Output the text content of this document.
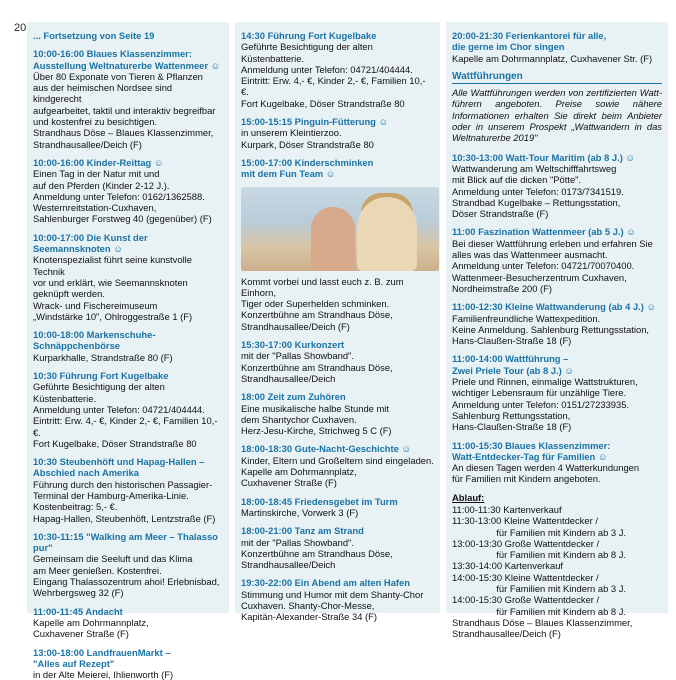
20
... Fortsetzung von Seite 19
10:00-16:00 Blaues Klassenzimmer:
Ausstellung Weltnaturerbe Wattenmeer ☺
Über 80 Exponate von Tieren & Pflanzen
aus der heimischen Nordsee sind kindgerecht
aufgearbeitet, taktil und interaktiv begreifbar
und kostenfrei zu besichtigen.
Strandhaus Döse – Blaues Klassenzimmer,
Strandhausallee/Deich (F)
10:00-16:00 Kinder-Reittag ☺
Einen Tag in der Natur mit und
auf den Pferden (Kinder 2-12 J.).
Anmeldung unter Telefon: 0162/1362588.
Westernreitstation-Cuxhaven,
Sahlenburger Forstweg 40 (gegenüber) (F)
10:00-17:00 Die Kunst der Seemannsknoten ☺
Knotenspezialist führt seine kunstvolle Technik
vor und erklärt, wie Seemannsknoten
geknüpft werden.
Wrack- und Fischereimuseum
„Windstärke 10", Ohlroggestraße 1 (F)
10:00-18:00 Markenschuhe-Schnäppchenbörse
Kurparkhalle, Strandstraße 80 (F)
10:30 Führung Fort Kugelbake
Geführte Besichtigung der alten Küstenbatterie.
Anmeldung unter Telefon: 04721/404444.
Eintritt: Erw. 4,- €, Kinder 2,- €, Familien 10,- €.
Fort Kugelbake, Döser Strandstraße 80
10:30 Steubenhöft und Hapag-Hallen –
Abschied nach Amerika
Führung durch den historischen Passagier-
Terminal der Hamburg-Amerika-Linie.
Kostenbeitrag: 5,- €.
Hapag-Hallen, Steubenhöft, Lentzstraße (F)
10:30-11:15 "Walking am Meer – Thalasso pur"
Gemeinsam die Seeluft und das Klima
am Meer genießen. Kostenfrei.
Eingang Thalassozentrum ahoi! Erlebnisbad,
Wehrbergsweg 32 (F)
11:00-11:45 Andacht
Kapelle am Dohrmannplatz,
Cuxhavener Straße (F)
13:00-18:00 LandfrauenMarkt –
"Alles auf Rezept"
in der Alte Meierei, Ihlienworth (F)
14:30 Führung Fort Kugelbake
Geführte Besichtigung der alten Küstenbatterie.
Anmeldung unter Telefon: 04721/404444.
Eintritt: Erw. 4,- €, Kinder 2,- €, Familien 10,- €.
Fort Kugelbake, Döser Strandstraße 80
15:00-15:15 Pinguin-Fütterung ☺
in unserem Kleintierzoo.
Kurpark, Döser Strandstraße 80
15:00-17:00 Kinderschminken
mit dem Fun Team ☺
Kommt vorbei und lasst euch z. B. zum Einhorn,
Tiger oder Superhelden schminken.
Konzertbühne am Strandhaus Döse,
Strandhausallee/Deich (F)
15:30-17:00 Kurkonzert
mit der "Pallas Showband".
Konzertbühne am Strandhaus Döse,
Strandhausallee/Deich
18:00 Zeit zum Zuhören
Eine musikalische halbe Stunde mit
dem Shantychor Cuxhaven.
Herz-Jesu-Kirche, Strichweg 5 C (F)
18:00-18:30 Gute-Nacht-Geschichte ☺
Kinder, Eltern und Großeltern sind eingeladen.
Kapelle am Dohrmannplatz,
Cuxhavener Straße (F)
18:00-18:45 Friedensgebet im Turm
Martinskirche, Vorwerk 3 (F)
18:00-21:00 Tanz am Strand
mit der "Pallas Showband".
Konzertbühne am Strandhaus Döse,
Strandhausallee/Deich
19:30-22:00 Ein Abend am alten Hafen
Stimmung und Humor mit dem Shanty-Chor
Cuxhaven. Shanty-Chor-Messe,
Kapitän-Alexander-Straße 34 (F)
20:00-21:30 Ferienkantorei für alle,
die gerne im Chor singen
Kapelle am Dohrmannplatz, Cuxhavener Str. (F)
Wattführungen
Alle Wattführungen werden von zertifizierten Watt-führern angeboten. Preise sowie nähere Informationen erhalten Sie direkt beim Anbieter oder in unserem Prospekt „Wattwandern in das Weltnaturerbe 2019"
10:30-13:00 Watt-Tour Maritim (ab 8 J.) ☺
Wattwanderung am Weltschifffahrtsweg
mit Blick auf die dicken "Pötte".
Anmeldung unter Telefon: 0173/7341519.
Strandbad Kugelbake – Rettungsstation,
Döser Strandstraße (F)
11:00 Faszination Wattenmeer (ab 5 J.) ☺
Bei dieser Wattführung erleben und erfahren Sie
alles was das Wattenmeer ausmacht.
Anmeldung unter Telefon: 04721/70070400.
Wattenmeer-Besucherzentrum Cuxhaven,
Nordheimstraße 200 (F)
11:00-12:30 Kleine Wattwanderung (ab 4 J.) ☺
Familienfreundliche Wattexpedition.
Keine Anmeldung. Sahlenburg Rettungsstation,
Hans-Claußen-Straße 18 (F)
11:00-14:00 Wattführung –
Zwei Priele Tour (ab 8 J.) ☺
Priele und Rinnen, einmalige Wattstrukturen,
wichtiger Lebensraum für unzählige Tiere.
Anmeldung unter Telefon: 0151/27233935.
Sahlenburg Rettungsstation,
Hans-Claußen-Straße 18 (F)
11:00-15:30 Blaues Klassenzimmer:
Watt-Entdecker-Tag für Familien ☺
An diesen Tagen werden 4 Watterkundungen
für Familien mit Kindern angeboten.
Ablauf:
11:00-11:30 Kartenverkauf
11:30-13:00 Kleine Wattentdecker /
für Familien mit Kindern ab 3 J.
13:00-13:30 Große Wattentdecker /
für Familien mit Kindern ab 8 J.
13:30-14:00 Kartenverkauf
14:00-15:30 Kleine Wattentdecker /
für Familien mit Kindern ab 3 J.
14:00-15:30 Große Wattentdecker /
für Familien mit Kindern ab 8 J.
Strandhaus Döse – Blaues Klassenzimmer,
Strandhausallee/Deich (F)
